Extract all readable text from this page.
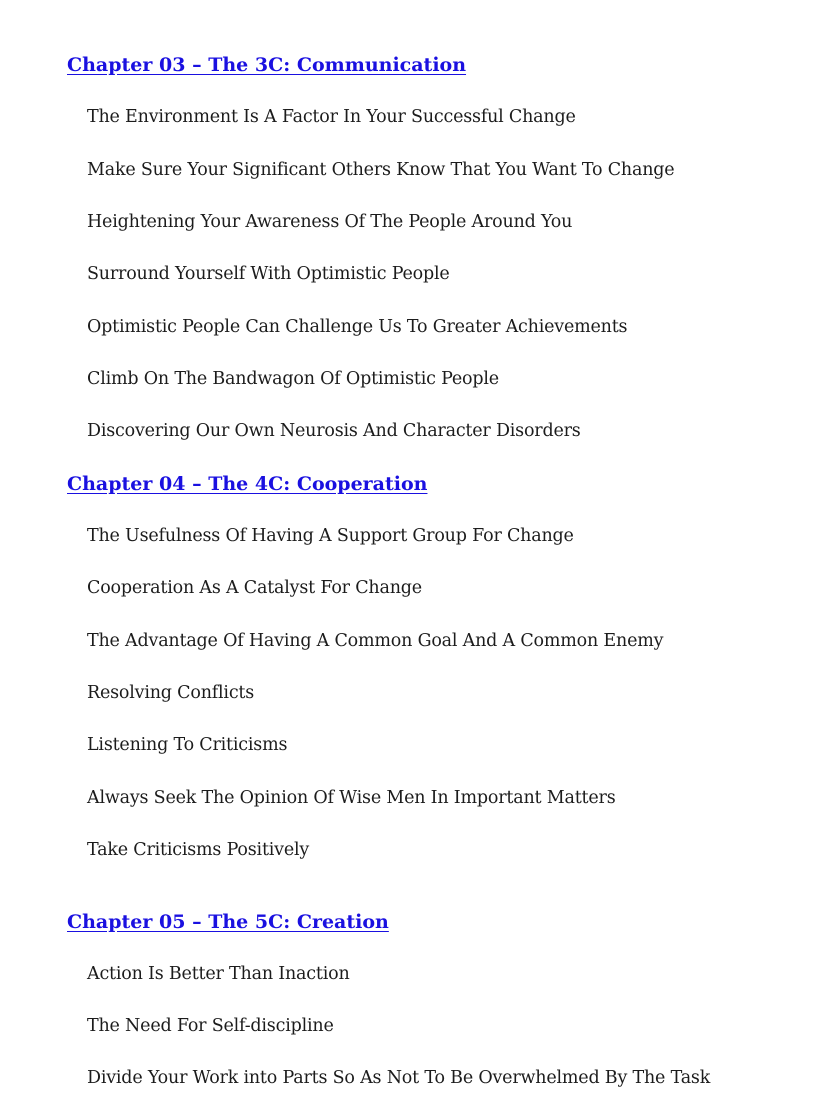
Chapter 03 – The 3C: Communication
The Environment Is A Factor In Your Successful Change
Make Sure Your Significant Others Know That You Want To Change
Heightening Your Awareness Of The People Around You
Surround Yourself With Optimistic People
Optimistic People Can Challenge Us To Greater Achievements
Climb On The Bandwagon Of Optimistic People
Discovering Our Own Neurosis And Character Disorders
Chapter 04 – The 4C: Cooperation
The Usefulness Of Having A Support Group For Change
Cooperation As A Catalyst For Change
The Advantage Of Having A Common Goal And A Common Enemy
Resolving Conflicts
Listening To Criticisms
Always Seek The Opinion Of Wise Men In Important Matters
Take Criticisms Positively
Chapter 05 – The 5C: Creation
Action Is Better Than Inaction
The Need For Self-discipline
Divide Your Work into Parts So As Not To Be Overwhelmed By The Task
